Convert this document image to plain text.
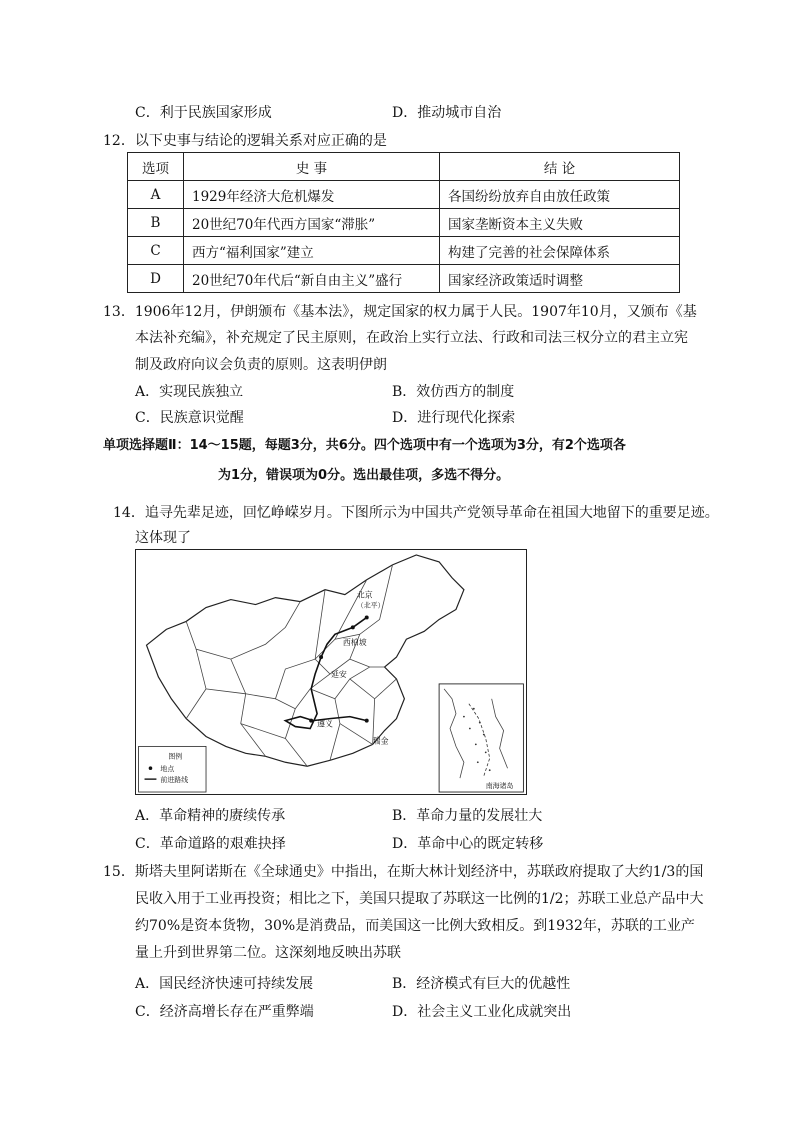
C．利于民族国家形成	D．推动城市自治
12．以下史事与结论的逻辑关系对应正确的是
选项	史 事	结 论
A	1929年经济大危机爆发	各国纷纷放弃自由放任政策
B	20世纪70年代西方国家“滞胀”	国家垄断资本主义失败
C	西方“福利国家”建立	构建了完善的社会保障体系
D	20世纪70年代后“新自由主义”盛行	国家经济政策适时调整
13．1906年12月，伊朗颁布《基本法》，规定国家的权力属于人民。1907年10月，又颁布《基
本法补充编》，补充规定了民主原则，在政治上实行立法、行政和司法三权分立的君主立宪
制及政府向议会负责的原则。这表明伊朗
A．实现民族独立	B．效仿西方的制度
C．民族意识觉醒	D．进行现代化探索
单项选择题Ⅱ：14～15题，每题3分，共6分。四个选项中有一个选项为3分，有2个选项各
为1分，错误项为0分。选出最佳项，多选不得分。
14．追寻先辈足迹，回忆峥嵘岁月。下图所示为中国共产党领导革命在祖国大地留下的重要足迹。
这体现了
北京
（北平）
西柏坡
延安
遵义
瑞金
图例
地点
前进路线
南海诸岛
A．革命精神的赓续传承	B．革命力量的发展壮大
C．革命道路的艰难抉择	D．革命中心的既定转移
15．斯塔夫里阿诺斯在《全球通史》中指出，在斯大林计划经济中，苏联政府提取了大约1/3的国
民收入用于工业再投资；相比之下，美国只提取了苏联这一比例的1/2；苏联工业总产品中大
约70%是资本货物，30%是消费品，而美国这一比例大致相反。到1932年，苏联的工业产
量上升到世界第二位。这深刻地反映出苏联
A．国民经济快速可持续发展	B．经济模式有巨大的优越性
C．经济高增长存在严重弊端	D．社会主义工业化成就突出
